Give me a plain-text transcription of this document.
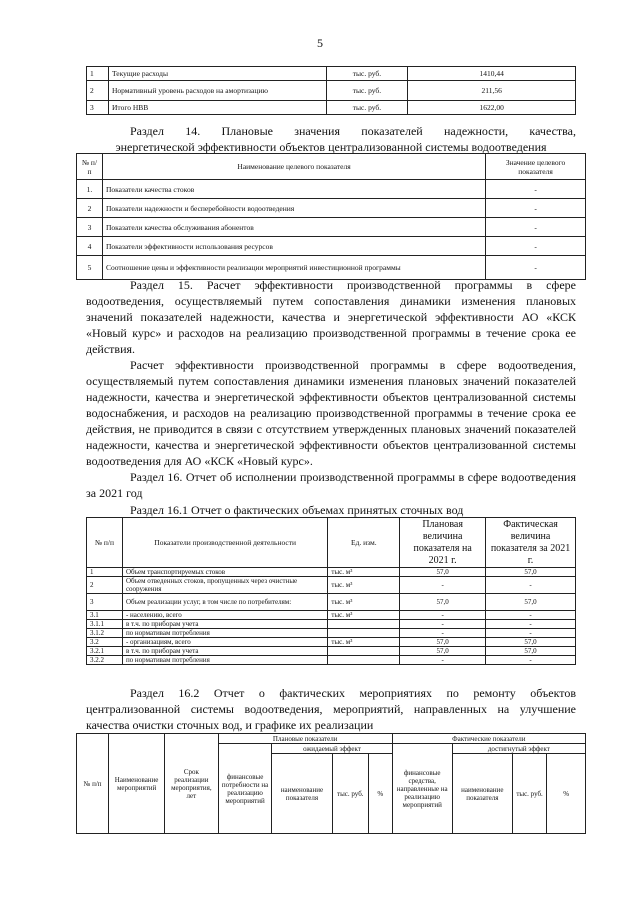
5
1	Текущие расходы	тыс. руб.	1410,44
2	Нормативный уровень расходов на амортизацию	тыс. руб.	211,56
3	Итого НВВ	тыс. руб.	1622,00
Раздел 14. Плановые значения показателей надежности, качества,
энергетической эффективности объектов централизованной системы водоотведения
№ п/п	Наименование целевого показателя	Значение целевого показателя
1.	Показатели качества стоков	-
2	Показатели надежности и бесперебойности водоотведения	-
3	Показатели качества обслуживания абонентов	-
4	Показатели эффективности использования ресурсов	-
5	Соотношение цены и эффективности реализации мероприятий инвестиционной программы	-
Раздел 15. Расчет эффективности производственной программы в сфере водоотведения, осуществляемый путем сопоставления динамики изменения плановых значений показателей надежности, качества и энергетической эффективности АО «КСК «Новый курс» и расходов на реализацию производственной программы в течение срока ее действия.
Расчет эффективности производственной программы в сфере водоотведения, осуществляемый путем сопоставления динамики изменения плановых значений показателей надежности, качества и энергетической эффективности объектов централизованной системы водоснабжения, и расходов на реализацию производственной программы в течение срока ее действия, не приводится в связи с отсутствием утвержденных плановых значений показателей надежности, качества и энергетической эффективности объектов централизованной системы водоотведения для АО «КСК «Новый курс».
Раздел 16. Отчет об исполнении производственной программы в сфере водоотведения за 2021 год
Раздел 16.1 Отчет о фактических объемах принятых сточных вод
№ п/п	Показатели производственной деятельности	Ед. изм.	Плановая величина показателя на 2021 г.	Фактическая величина показателя за 2021 г.
1	Объем транспортируемых стоков	тыс. м³	57,0	57,0
2	Объем отведенных стоков, пропущенных через очистные сооружения	тыс. м³	-	-
3	Объем реализации услуг, в том числе по потребителям:	тыс. м³	57,0	57,0
3.1	- населению, всего	тыс. м³	-	-
3.1.1	в т.ч. по приборам учета		-	-
3.1.2	по нормативам потребления		-	-
3.2	- организациям, всего	тыс. м³	57,0	57,0
3.2.1	в т.ч. по приборам учета		57,0	57,0
3.2.2	по нормативам потребления		-	-
Раздел 16.2 Отчет о фактических мероприятиях по ремонту объектов централизованной системы водоотведения, мероприятий, направленных на улучшение качества очистки сточных вод, и графике их реализации
№ п/п	Наименование мероприятий	Срок реализации мероприятия, лет	Плановые показатели				Фактические показатели			
			финансовые потребности на реализацию мероприятий	ожидаемый эффект			финансовые средства, направленные на реализацию мероприятий	достигнутый эффект		
				наименование показателя	тыс. руб.	%		наименование показателя	тыс. руб.	%
